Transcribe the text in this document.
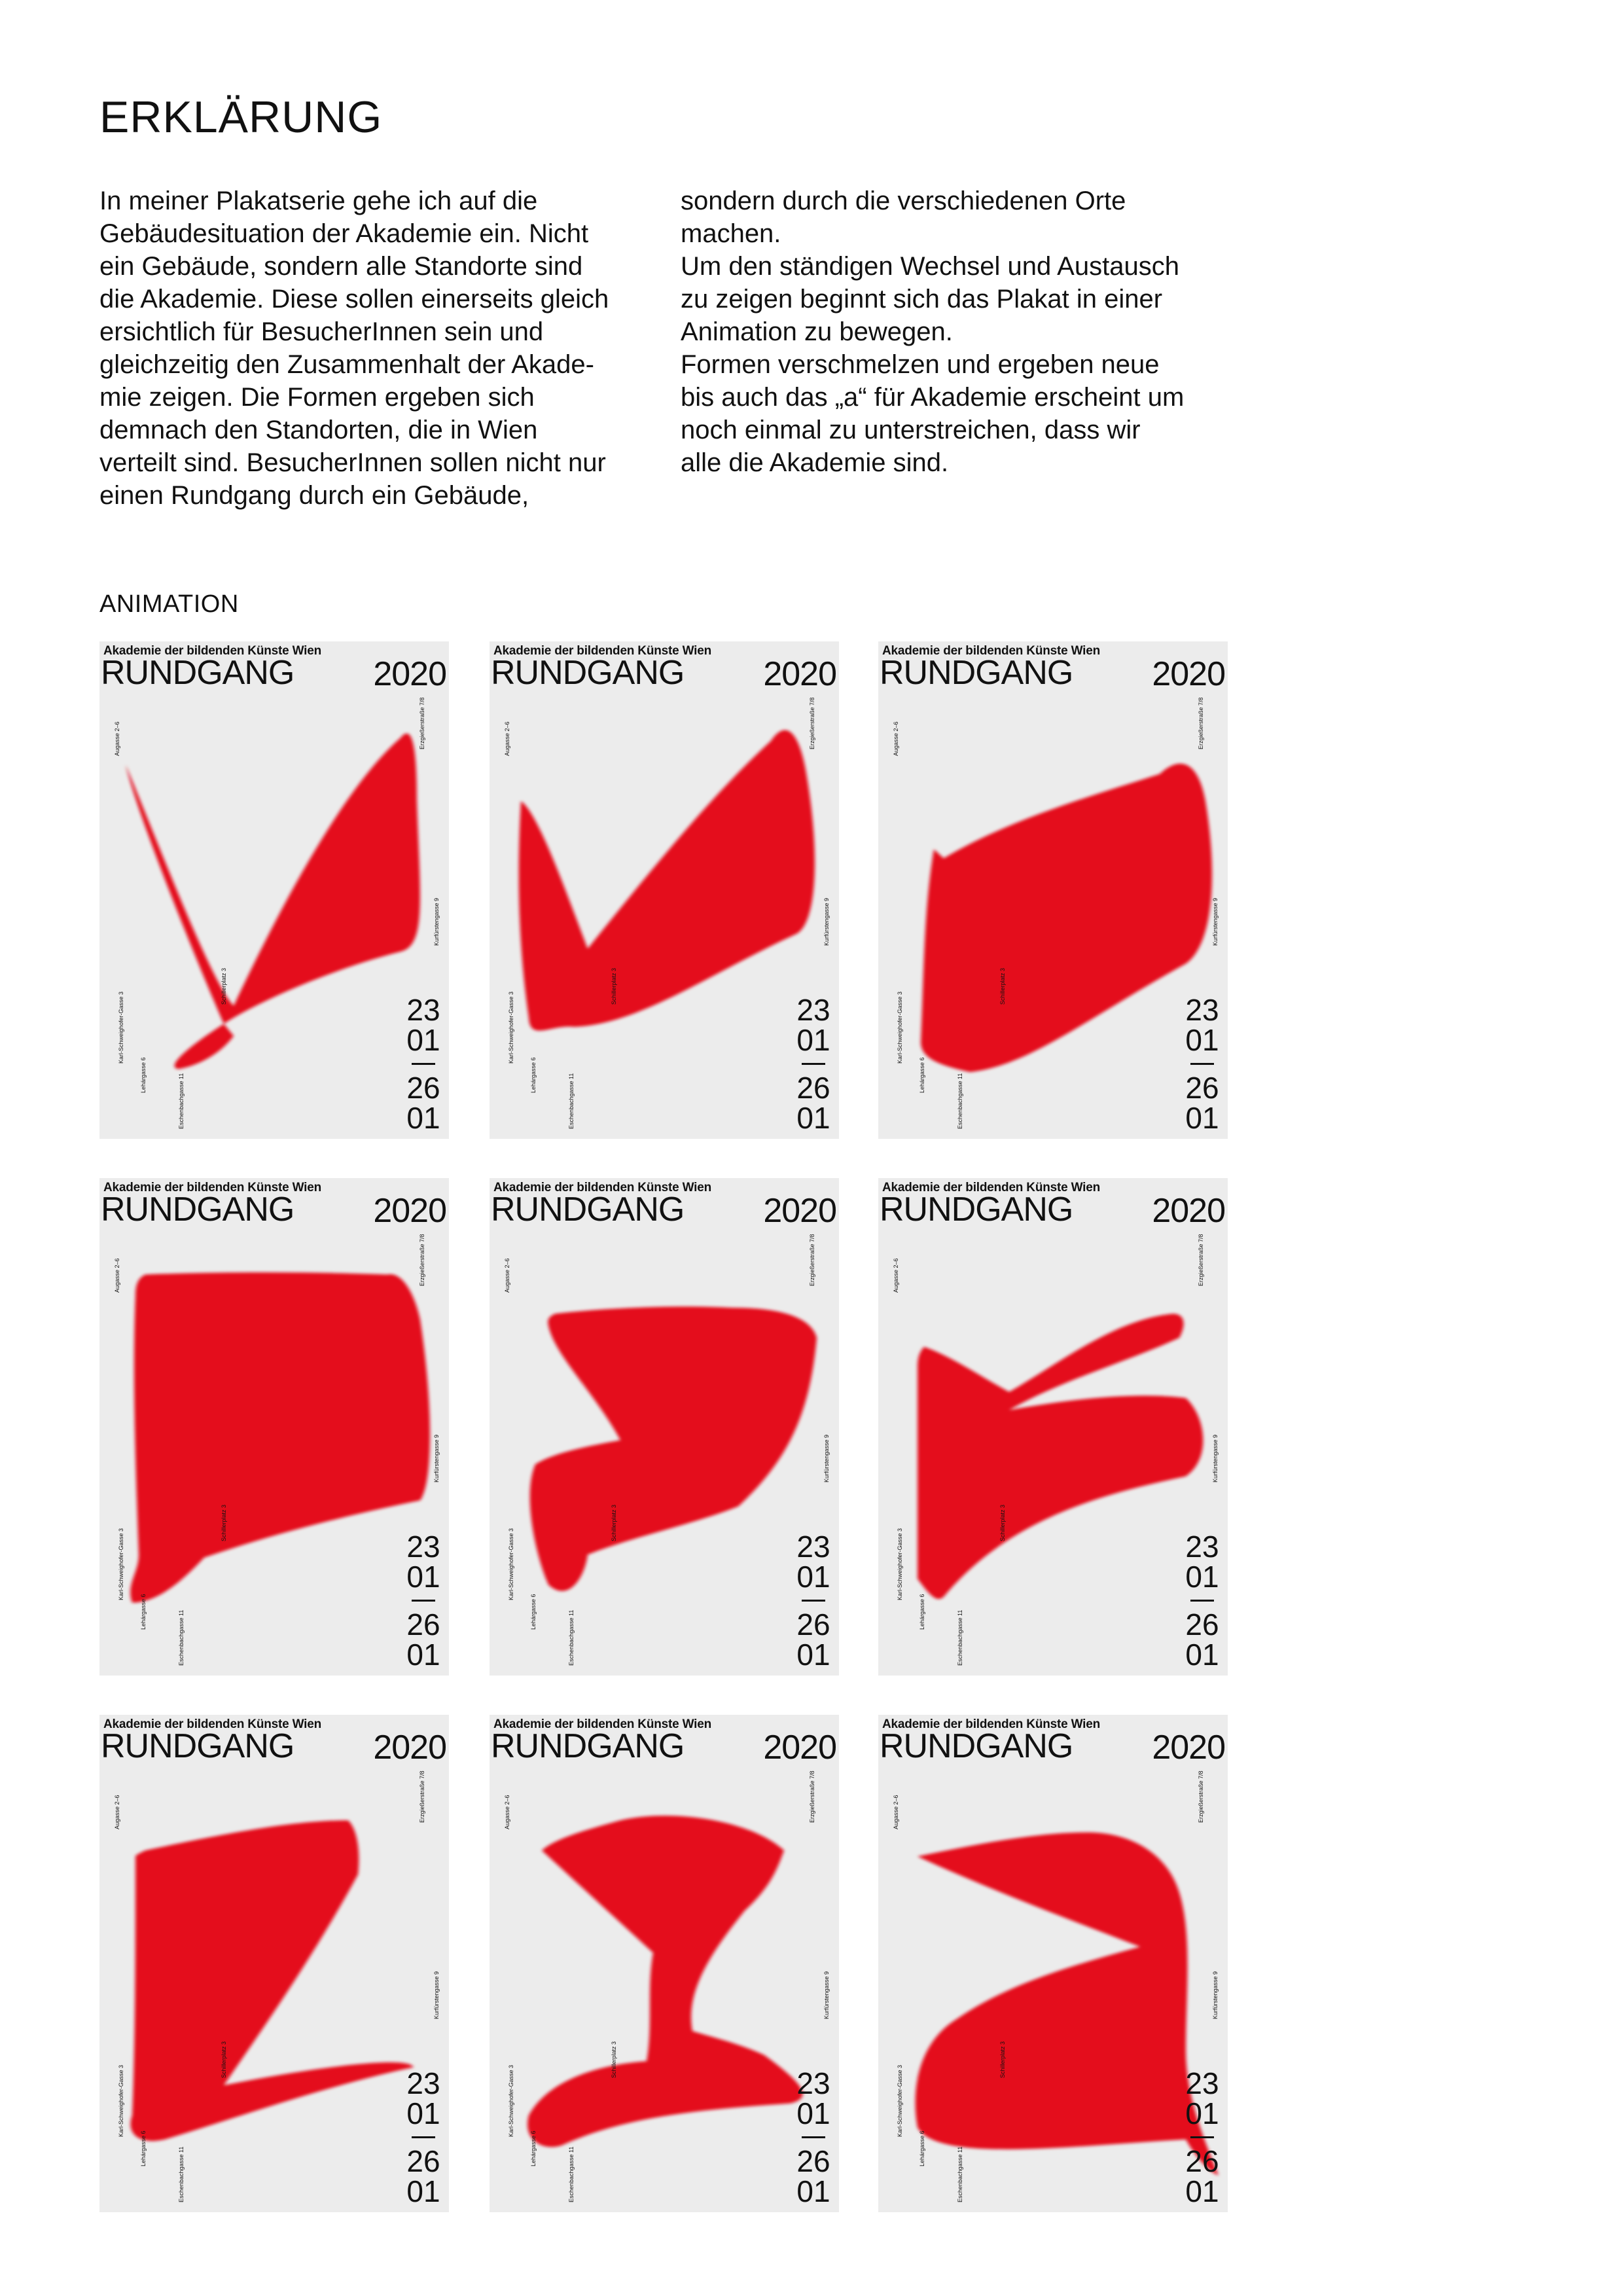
ERKLÄRUNG

In meiner Plakatserie gehe ich auf die

Gebäudesituation der Akademie ein. Nicht

ein Gebäude, sondern alle Standorte sind

die Akademie. Diese sollen einerseits gleich

ersichtlich für BesucherInnen sein und

gleichzeitig den Zusammenhalt der Akade-

mie zeigen. Die Formen ergeben sich

demnach den Standorten, die in Wien

verteilt sind. BesucherInnen sollen nicht nur

einen Rundgang durch ein Gebäude,

sondern durch die verschiedenen Orte

machen.

Um den ständigen Wechsel und Austausch

zu zeigen beginnt sich das Plakat in einer

Animation zu bewegen.

Formen verschmelzen und ergeben neue

bis auch das „a“ für Akademie erscheint um

noch einmal zu unterstreichen, dass wir

alle die Akademie sind.

ANIMATION
Akademie der bildenden Künste Wien
RUNDGANG 2020
Augasse 2–6	Erzgießerstraße 7/8
Kurfürstengasse 9
Karl-Schweighofer-Gasse 3
Lehárgasse 6	Eschenbachgasse 11
Schillerplatz 3
23
01
26
01
Akademie der bildenden Künste Wien
RUNDGANG 2020
Augasse 2–6	Erzgießerstraße 7/8
Kurfürstengasse 9
Karl-Schweighofer-Gasse 3
Lehárgasse 6	Eschenbachgasse 11
Schillerplatz 3
23
01
26
01
Akademie der bildenden Künste Wien
RUNDGANG 2020
Augasse 2–6	Erzgießerstraße 7/8
Kurfürstengasse 9
Karl-Schweighofer-Gasse 3
Lehárgasse 6	Eschenbachgasse 11
Schillerplatz 3
23
01
26
01
Akademie der bildenden Künste Wien
RUNDGANG 2020
Augasse 2–6	Erzgießerstraße 7/8
Kurfürstengasse 9
Karl-Schweighofer-Gasse 3
Lehárgasse 6	Eschenbachgasse 11
Schillerplatz 3
23
01
26
01
Akademie der bildenden Künste Wien
RUNDGANG 2020
Augasse 2–6	Erzgießerstraße 7/8
Kurfürstengasse 9
Karl-Schweighofer-Gasse 3
Lehárgasse 6	Eschenbachgasse 11
Schillerplatz 3
23
01
26
01
Akademie der bildenden Künste Wien
RUNDGANG 2020
Augasse 2–6	Erzgießerstraße 7/8
Kurfürstengasse 9
Karl-Schweighofer-Gasse 3
Lehárgasse 6	Eschenbachgasse 11
Schillerplatz 3
23
01
26
01
Akademie der bildenden Künste Wien
RUNDGANG 2020
Augasse 2–6	Erzgießerstraße 7/8
Kurfürstengasse 9
Karl-Schweighofer-Gasse 3
Lehárgasse 6	Eschenbachgasse 11
Schillerplatz 3
23
01
26
01
Akademie der bildenden Künste Wien
RUNDGANG 2020
Augasse 2–6	Erzgießerstraße 7/8
Kurfürstengasse 9
Karl-Schweighofer-Gasse 3
Lehárgasse 6	Eschenbachgasse 11
Schillerplatz 3
23
01
26
01
Akademie der bildenden Künste Wien
RUNDGANG 2020
Augasse 2–6	Erzgießerstraße 7/8
Kurfürstengasse 9
Karl-Schweighofer-Gasse 3
Lehárgasse 6	Eschenbachgasse 11
Schillerplatz 3
23
01
26
01
